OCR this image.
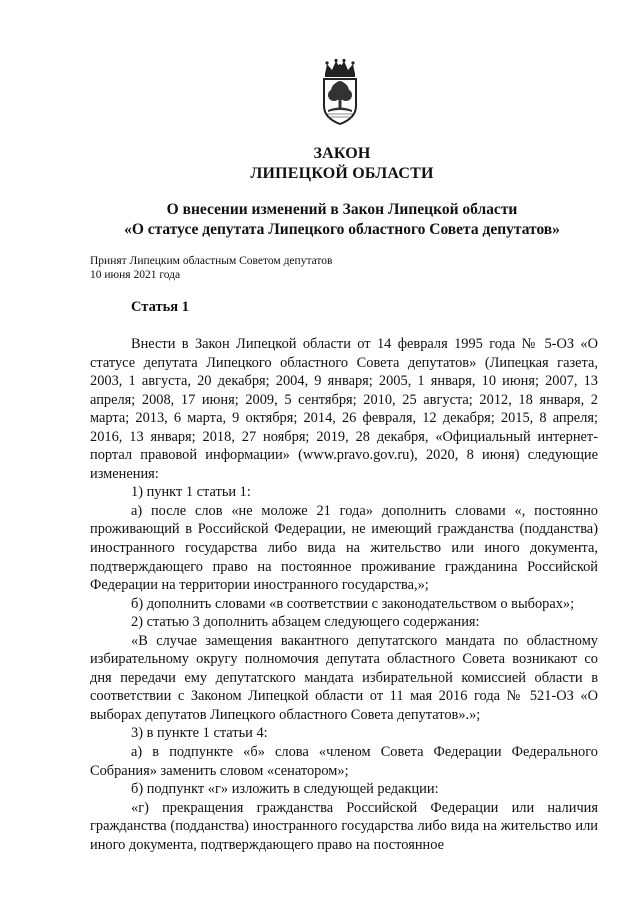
ЗАКОН
ЛИПЕЦКОЙ ОБЛАСТИ
О внесении изменений в Закон Липецкой области
«О статусе депутата Липецкого областного Совета депутатов»
Принят Липецким областным Советом депутатов
10 июня 2021 года
Статья 1

Внести в Закон Липецкой области от 14 февраля 1995 года № 5-ОЗ «О статусе депутата Липецкого областного Совета депутатов» (Липецкая газета, 2003, 1 августа, 20 декабря; 2004, 9 января; 2005, 1 января, 10 июня; 2007, 13 апреля; 2008, 17 июня; 2009, 5 сентября; 2010, 25 августа; 2012, 18 января, 2 марта; 2013, 6 марта, 9 октября; 2014, 26 февраля, 12 декабря; 2015, 8 апреля; 2016, 13 января; 2018, 27 ноября; 2019, 28 декабря, «Официальный интернет-портал правовой информации» (www.pravo.gov.ru), 2020, 8 июня) следующие изменения:

1) пункт 1 статьи 1:

а) после слов «не моложе 21 года» дополнить словами «, постоянно проживающий в Российской Федерации, не имеющий гражданства (подданства) иностранного государства либо вида на жительство или иного документа, подтверждающего право на постоянное проживание гражданина Российской Федерации на территории иностранного государства,»;

б) дополнить словами «в соответствии с законодательством о выборах»;

2) статью 3 дополнить абзацем следующего содержания:

«В случае замещения вакантного депутатского мандата по областному избирательному округу полномочия депутата областного Совета возникают со дня передачи ему депутатского мандата избирательной комиссией области в соответствии с Законом Липецкой области от 11 мая 2016 года № 521-ОЗ «О выборах депутатов Липецкого областного Совета депутатов».»;

3) в пункте 1 статьи 4:

а) в подпункте «б» слова «членом Совета Федерации Федерального Собрания» заменить словом «сенатором»;

б) подпункт «г» изложить в следующей редакции:

«г) прекращения гражданства Российской Федерации или наличия гражданства (подданства) иностранного государства либо вида на жительство или иного документа, подтверждающего право на постоянное
